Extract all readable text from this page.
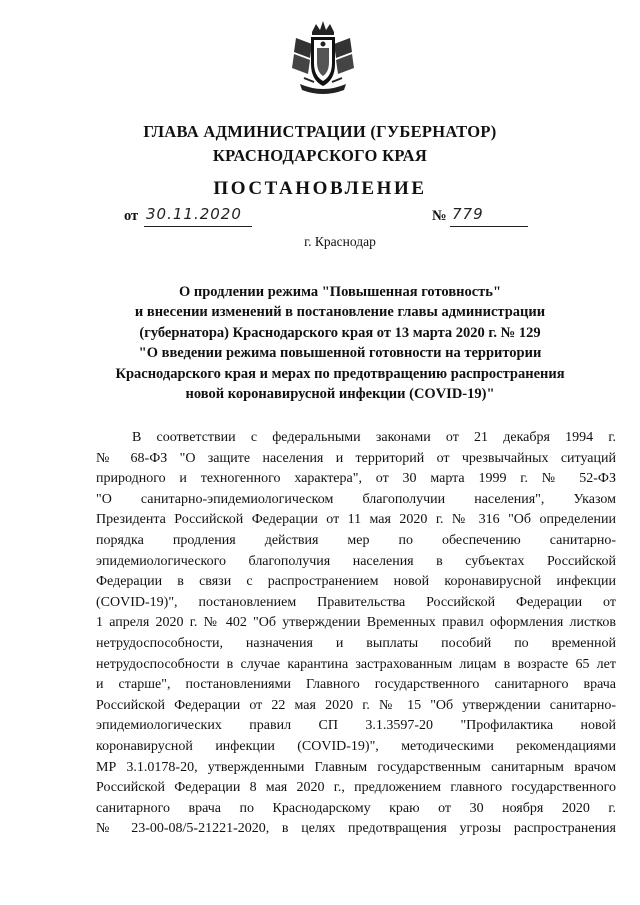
ГЛАВА АДМИНИСТРАЦИИ (ГУБЕРНАТОР)
КРАСНОДАРСКОГО КРАЯ
ПОСТАНОВЛЕНИЕ
от 30.11.2020	№ 779
г. Краснодар
О продлении режима "Повышенная готовность"
и внесении изменений в постановление главы администрации
(губернатора) Краснодарского края от 13 марта 2020 г. № 129
"О введении режима повышенной готовности на территории
Краснодарского края и мерах по предотвращению распространения
новой коронавирусной инфекции (COVID-19)"
В соответствии с федеральными законами от 21 декабря 1994 г.
№ 68-ФЗ "О защите населения и территорий от чрезвычайных ситуаций
природного и техногенного характера", от 30 марта 1999 г. № 52-ФЗ
"О санитарно-эпидемиологическом благополучии населения", Указом
Президента Российской Федерации от 11 мая 2020 г. № 316 "Об определении
порядка продления действия мер по обеспечению санитарно-
эпидемиологического благополучия населения в субъектах Российской
Федерации в связи с распространением новой коронавирусной инфекции
(COVID-19)", постановлением Правительства Российской Федерации от
1 апреля 2020 г. № 402 "Об утверждении Временных правил оформления листков
нетрудоспособности, назначения и выплаты пособий по временной
нетрудоспособности в случае карантина застрахованным лицам в возрасте 65 лет
и старше", постановлениями Главного государственного санитарного врача
Российской Федерации от 22 мая 2020 г. № 15 "Об утверждении санитарно-
эпидемиологических правил СП 3.1.3597-20 "Профилактика новой
коронавирусной инфекции (COVID-19)", методическими рекомендациями
МР 3.1.0178-20, утвержденными Главным государственным санитарным врачом
Российской Федерации 8 мая 2020 г., предложением главного государственного
санитарного врача по Краснодарскому краю от 30 ноября 2020 г.
№ 23-00-08/5-21221-2020, в целях предотвращения угрозы распространения
